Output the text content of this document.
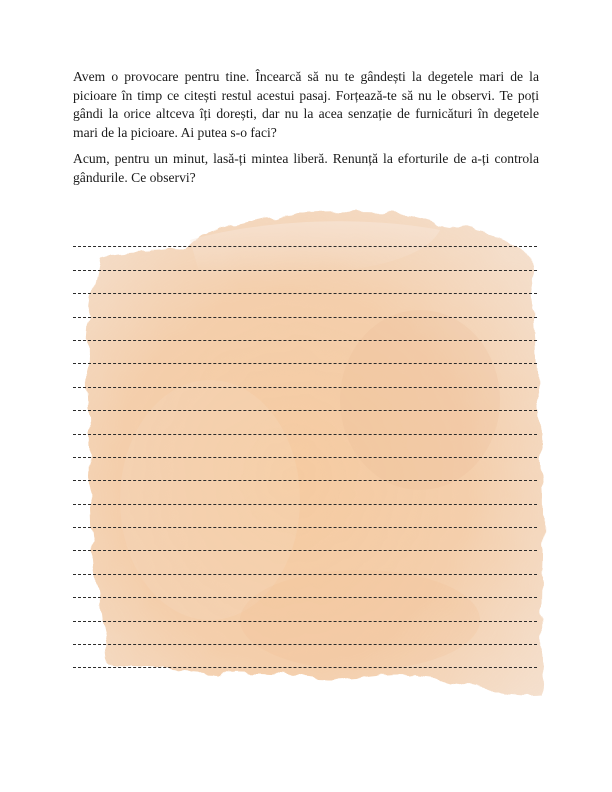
Avem o provocare pentru tine. Încearcă să nu te gândești la degetele mari de la picioare în timp ce citești restul acestui pasaj. Forțează-te să nu le observi. Te poți gândi la orice altceva îți dorești, dar nu la acea senzație de furnicături în degetele mari de la picioare. Ai putea s-o faci?

Acum, pentru un minut, lasă-ți mintea liberă. Renunță la eforturile de a-ți controla gândurile. Ce observi?
